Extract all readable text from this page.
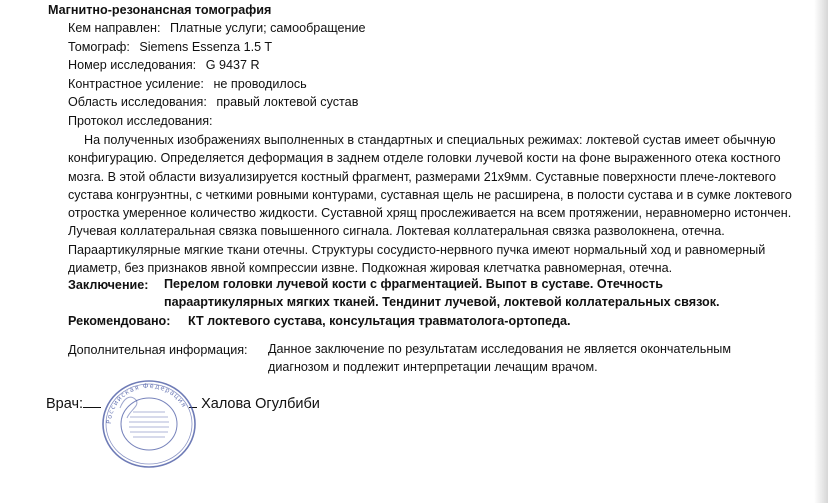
Магнитно-резонансная томография
Кем направлен: Платные услуги; самообращение
Томограф: Siemens Essenza 1.5 T
Номер исследования: G 9437 R
Контрастное усиление: не проводилось
Область исследования: правый локтевой сустав
Протокол исследования:
На полученных изображениях выполненных в стандартных и специальных режимах: локтевой сустав имеет обычную конфигурацию. Определяется деформация в заднем отделе головки лучевой кости на фоне выраженного отека костного мозга. В этой области визуализируется костный фрагмент, размерами 21х9мм. Суставные поверхности плече-локтевого сустава конгруэнтны, с четкими ровными контурами, суставная щель не расширена, в полости сустава и в сумке локтевого отростка умеренное количество жидкости. Суставной хрящ прослеживается на всем протяжении, неравномерно истончен. Лучевая коллатеральная связка повышенного сигнала. Локтевая коллатеральная связка разволокнена, отечна. Параартикулярные мягкие ткани отечны. Структуры сосудисто-нервного пучка имеют нормальный ход и равномерный диаметр, без признаков явной компрессии извне. Подкожная жировая клетчатка равномерная, отечна.
Заключение: Перелом головки лучевой кости с фрагментацией. Выпот в суставе. Отечность параартикулярных мягких тканей. Тендинит лучевой, локтевой коллатеральных связок.
Рекомендовано: КТ локтевого сустава, консультация травматолога-ортопеда.
Дополнительная информация: Данное заключение по результатам исследования не является окончательным
диагнозом и подлежит интерпретации лечащим врачом.
Врач:	Халова Огулбиби
Российская Федерация
